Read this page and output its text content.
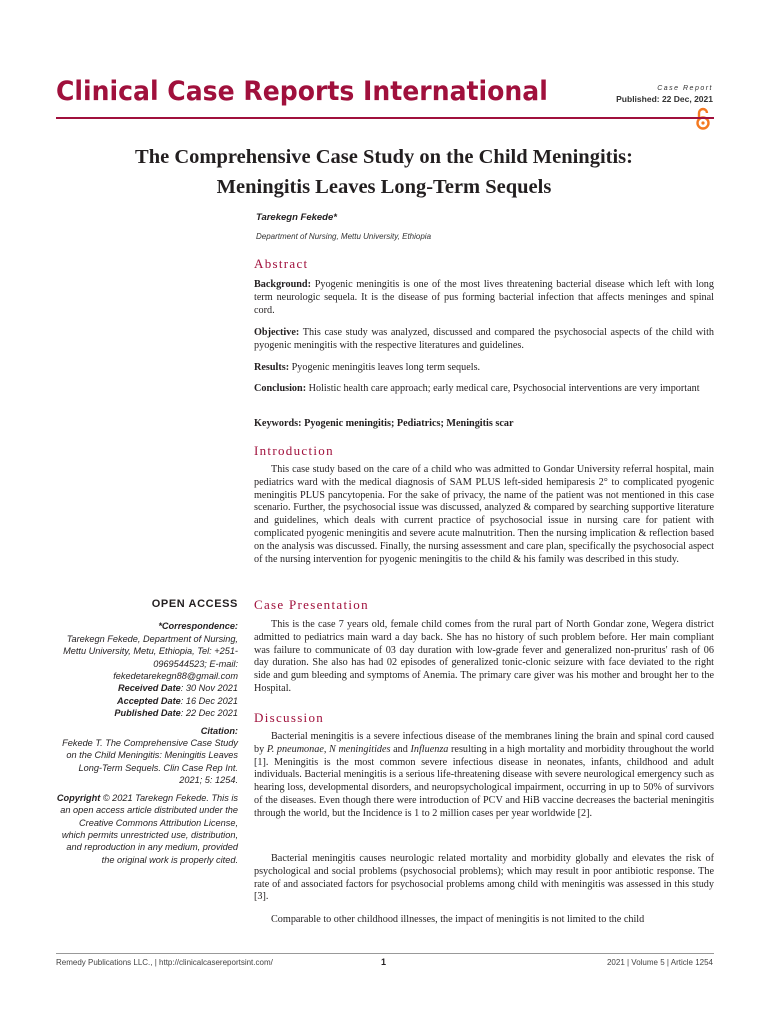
Clinical Case Reports International	Case Report
Published: 22 Dec, 2021
The Comprehensive Case Study on the Child Meningitis:
Meningitis Leaves Long-Term Sequels
Tarekegn Fekede*
Department of Nursing, Mettu University, Ethiopia
Abstract
Background: Pyogenic meningitis is one of the most lives threatening bacterial disease which left with long term neurologic sequela. It is the disease of pus forming bacterial infection that affects meninges and spinal cord.
Objective: This case study was analyzed, discussed and compared the psychosocial aspects of the child with pyogenic meningitis with the respective literatures and guidelines.
Results: Pyogenic meningitis leaves long term sequels.
Conclusion: Holistic health care approach; early medical care, Psychosocial interventions are very important
Keywords: Pyogenic meningitis; Pediatrics; Meningitis scar
Introduction
This case study based on the care of a child who was admitted to Gondar University referral hospital, main pediatrics ward with the medical diagnosis of SAM PLUS left-sided hemiparesis 2° to complicated pyogenic meningitis PLUS pancytopenia. For the sake of privacy, the name of the patient was not mentioned in this case scenario. Further, the psychosocial issue was discussed, analyzed & compared by searching supportive literature and guidelines, which deals with current practice of psychosocial issue in nursing care for patient with complicated pyogenic meningitis and severe acute malnutrition. Then the nursing implication & reflection based on the analysis was discussed. Finally, the nursing assessment and care plan, specifically the psychosocial aspect of the nursing intervention for pyogenic meningitis to the child & his family was described in this study.
Case Presentation
This is the case 7 years old, female child comes from the rural part of North Gondar zone, Wegera district admitted to pediatrics main ward a day back. She has no history of such problem before. Her main compliant was failure to communicate of 03 day duration with low-grade fever and generalized non-pruritus' rash of 06 day duration. She also has had 02 episodes of generalized tonic-clonic seizure with face deviated to the right side and gum bleeding and symptoms of Anemia. The primary care giver was his mother and brought her to the Hospital.
Discussion
Bacterial meningitis is a severe infectious disease of the membranes lining the brain and spinal cord caused by P. pneumonae, N meningitides and Influenza resulting in a high mortality and morbidity throughout the world [1]. Meningitis is the most common severe infectious disease in neonates, infants, childhood and adult individuals. Bacterial meningitis is a serious life-threatening disease with severe neurological emergency such as hearing loss, developmental disorders, and neuropsychological impairment, occurring in up to 50% of survivors of the diseases. Even though there were introduction of PCV and HiB vaccine decreases the bacterial meningitis through the world, but the Incidence is 1 to 2 million cases per year worldwide [2].
Bacterial meningitis causes neurologic related mortality and morbidity globally and elevates the risk of psychological and social problems (psychosocial problems); which may result in poor antibiotic response. The rate of and associated factors for psychosocial problems among child with meningitis was assessed in this study [3].
Comparable to other childhood illnesses, the impact of meningitis is not limited to the child
OPEN ACCESS
*Correspondence:
Tarekegn Fekede, Department of Nursing, Mettu University, Metu, Ethiopia, Tel: +251-0969544523; E-mail: fekedetarekegn88@gmail.com
Received Date: 30 Nov 2021
Accepted Date: 16 Dec 2021
Published Date: 22 Dec 2021
Citation:
Fekede T. The Comprehensive Case Study on the Child Meningitis: Meningitis Leaves Long-Term Sequels. Clin Case Rep Int. 2021; 5: 1254.
Copyright © 2021 Tarekegn Fekede. This is an open access article distributed under the Creative Commons Attribution License, which permits unrestricted use, distribution, and reproduction in any medium, provided the original work is properly cited.
Remedy Publications LLC., | http://clinicalcasereportsint.com/	1	2021 | Volume 5 | Article 1254
